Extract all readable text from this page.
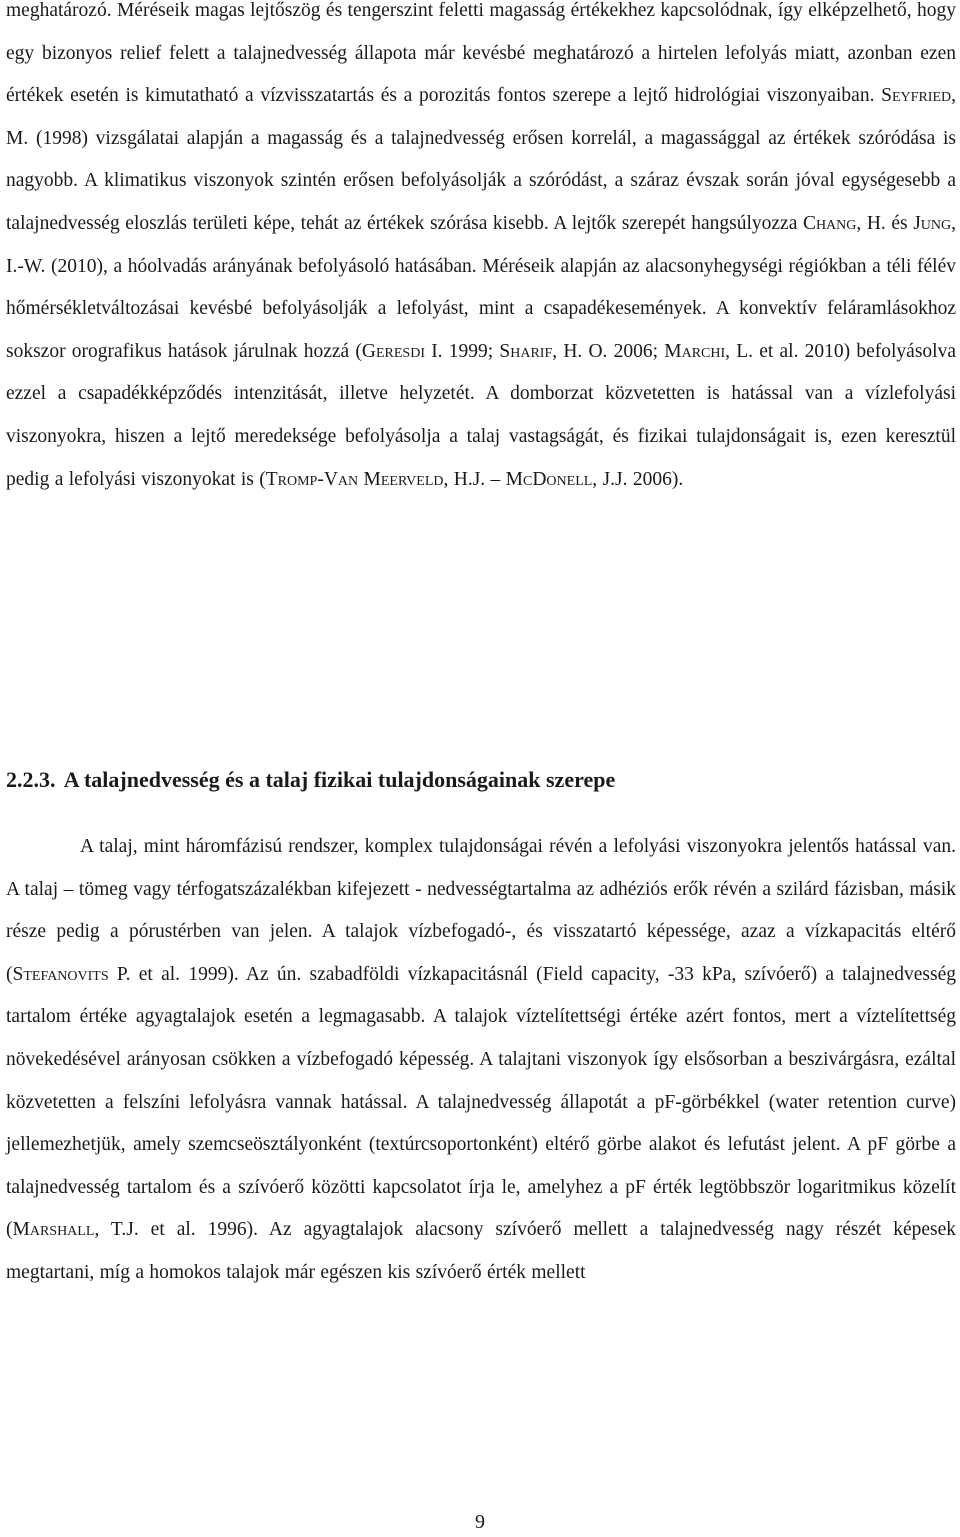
meghatározó. Méréseik magas lejtőszög és tengerszint feletti magasság értékekhez kapcsolódnak, így elképzelhető, hogy egy bizonyos relief felett a talajnedvesség állapota már kevésbé meghatározó a hirtelen lefolyás miatt, azonban ezen értékek esetén is kimutatható a vízvisszatartás és a porozitás fontos szerepe a lejtő hidrológiai viszonyaiban. Seyfried, M. (1998) vizsgálatai alapján a magasság és a talajnedvesség erősen korrelál, a magassággal az értékek szóródása is nagyobb. A klimatikus viszonyok szintén erősen befolyásolják a szóródást, a száraz évszak során jóval egységesebb a talajnedvesség eloszlás területi képe, tehát az értékek szórása kisebb. A lejtők szerepét hangsúlyozza Chang, H. és Jung, I.-W. (2010), a hóolvadás arányának befolyásoló hatásában. Méréseik alapján az alacsonyhegységi régiókban a téli félév hőmérsékletváltozásai kevésbé befolyásolják a lefolyást, mint a csapadékesemények. A konvektív feláramlásokhoz sokszor orografikus hatások járulnak hozzá (Geresdi I. 1999; Sharif, H. O. 2006; Marchi, L. et al. 2010) befolyásolva ezzel a csapadékképződés intenzitását, illetve helyzetét. A domborzat közvetetten is hatással van a vízlefolyási viszonyokra, hiszen a lejtő meredeksége befolyásolja a talaj vastagságát, és fizikai tulajdonságait is, ezen keresztül pedig a lefolyási viszonyokat is (Tromp-Van Meerveld, H.J. – McDonell, J.J. 2006).

2.2.3. A talajnedvesség és a talaj fizikai tulajdonságainak szerepe

A talaj, mint háromfázisú rendszer, komplex tulajdonságai révén a lefolyási viszonyokra jelentős hatással van. A talaj – tömeg vagy térfogatszázalékban kifejezett - nedvességtartalma az adhéziós erők révén a szilárd fázisban, másik része pedig a pórustérben van jelen. A talajok vízbefogadó-, és visszatartó képessége, azaz a vízkapacitás eltérő (Stefanovits P. et al. 1999). Az ún. szabadföldi vízkapacitásnál (Field capacity, -33 kPa, szívóerő) a talajnedvesség tartalom értéke agyagtalajok esetén a legmagasabb. A talajok víztelítettségi értéke azért fontos, mert a víztelítettség növekedésével arányosan csökken a vízbefogadó képesség. A talajtani viszonyok így elsősorban a beszivárgásra, ezáltal közvetetten a felszíni lefolyásra vannak hatással. A talajnedvesség állapotát a pF-görbékkel (water retention curve) jellemezhetjük, amely szemcseösztályonként (textúrcsoportonként) eltérő görbe alakot és lefutást jelent. A pF görbe a talajnedvesség tartalom és a szívóerő közötti kapcsolatot írja le, amelyhez a pF érték legtöbbször logaritmikus közelít (Marshall, T.J. et al. 1996). Az agyagtalajok alacsony szívóerő mellett a talajnedvesség nagy részét képesek megtartani, míg a homokos talajok már egészen kis szívóerő érték mellett

9
